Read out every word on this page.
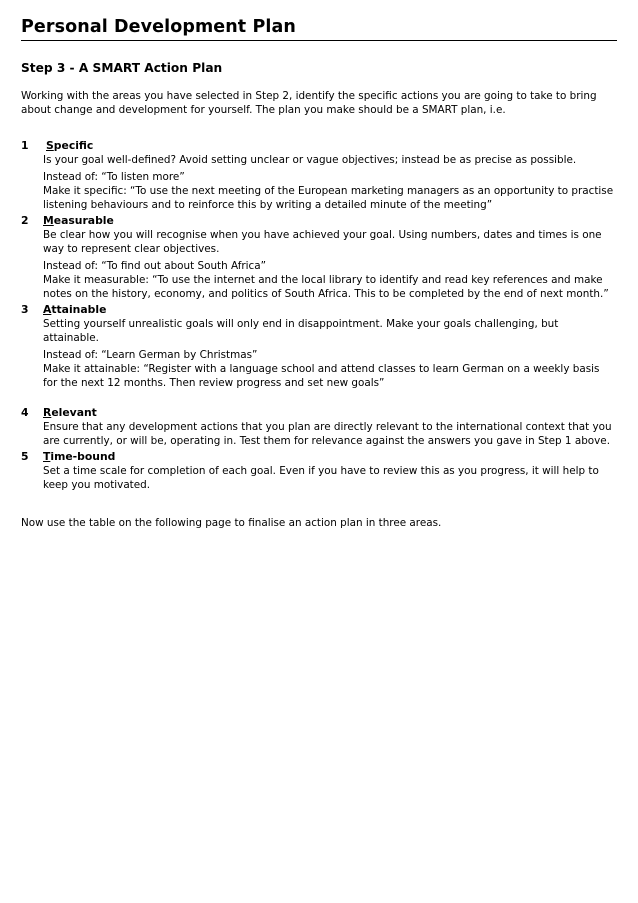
Personal Development Plan
Step 3 - A SMART Action Plan
Working with the areas you have selected in Step 2, identify the specific actions you are going to take to bring about change and development for yourself. The plan you make should be a SMART plan, i.e.
1 Specific
Is your goal well-defined? Avoid setting unclear or vague objectives; instead be as precise as possible.
Instead of: “To listen more”
Make it specific: “To use the next meeting of the European marketing managers as an opportunity to practise listening behaviours and to reinforce this by writing a detailed minute of the meeting”
2 Measurable
Be clear how you will recognise when you have achieved your goal. Using numbers, dates and times is one way to represent clear objectives.
Instead of: “To find out about South Africa”
Make it measurable: “To use the internet and the local library to identify and read key references and make notes on the history, economy, and politics of South Africa. This to be completed by the end of next month.”
3 Attainable
Setting yourself unrealistic goals will only end in disappointment. Make your goals challenging, but attainable.
Instead of: “Learn German by Christmas”
Make it attainable: “Register with a language school and attend classes to learn German on a weekly basis for the next 12 months. Then review progress and set new goals”
4 Relevant
Ensure that any development actions that you plan are directly relevant to the international context that you are currently, or will be, operating in. Test them for relevance against the answers you gave in Step 1 above.
5 Time-bound
Set a time scale for completion of each goal. Even if you have to review this as you progress, it will help to keep you motivated.
Now use the table on the following page to finalise an action plan in three areas.
